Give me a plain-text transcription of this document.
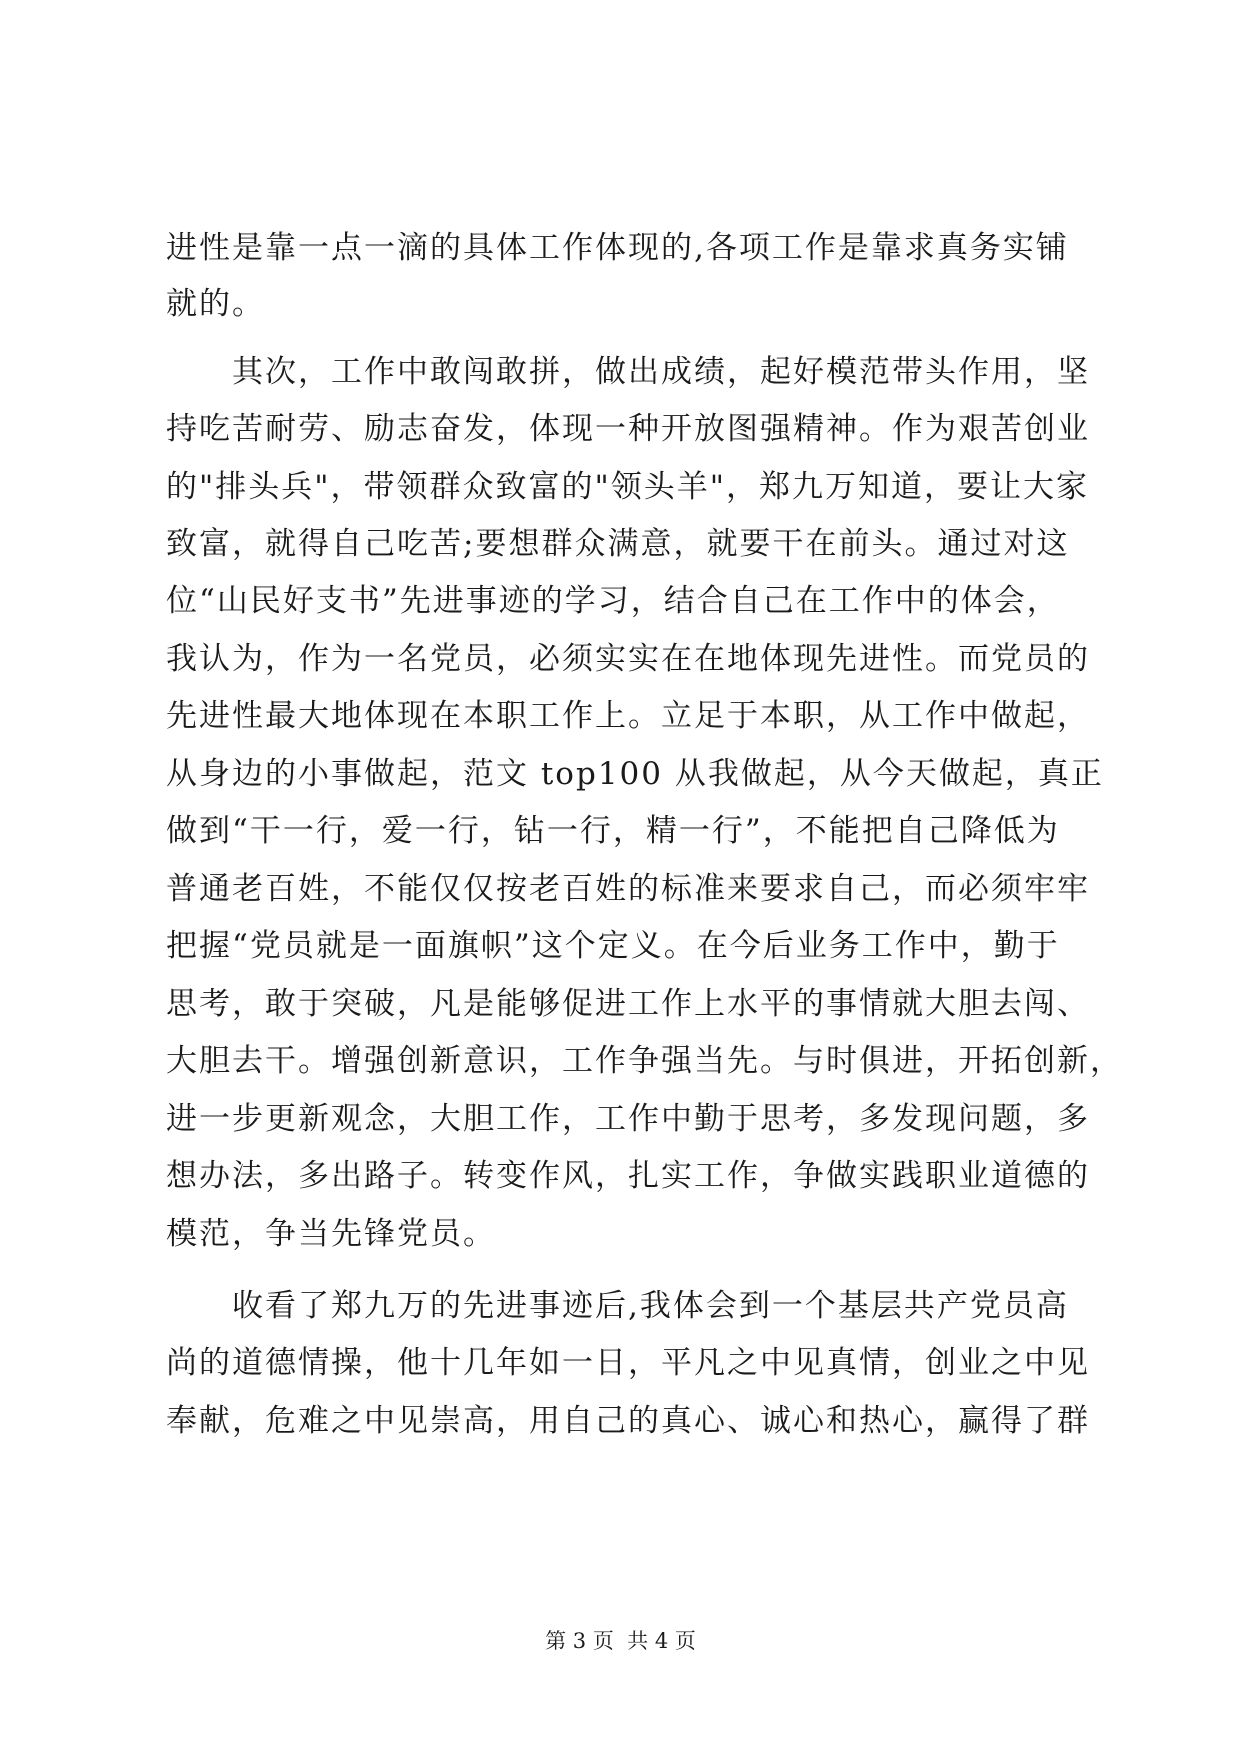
进性是靠一点一滴的具体工作体现的,各项工作是靠求真务实铺
就的。
　　其次，工作中敢闯敢拼，做出成绩，起好模范带头作用，坚
持吃苦耐劳、励志奋发，体现一种开放图强精神。作为艰苦创业
的"排头兵"，带领群众致富的"领头羊"，郑九万知道，要让大家
致富，就得自己吃苦;要想群众满意，就要干在前头。通过对这
位“山民好支书”先进事迹的学习，结合自己在工作中的体会，
我认为，作为一名党员，必须实实在在地体现先进性。而党员的
先进性最大地体现在本职工作上。立足于本职，从工作中做起，
从身边的小事做起，范文 top100 从我做起，从今天做起，真正
做到“干一行，爱一行，钻一行，精一行”，不能把自己降低为
普通老百姓，不能仅仅按老百姓的标准来要求自己，而必须牢牢
把握“党员就是一面旗帜”这个定义。在今后业务工作中，勤于
思考，敢于突破，凡是能够促进工作上水平的事情就大胆去闯、
大胆去干。增强创新意识，工作争强当先。与时俱进，开拓创新，
进一步更新观念，大胆工作，工作中勤于思考，多发现问题，多
想办法，多出路子。转变作风，扎实工作，争做实践职业道德的
模范，争当先锋党员。
　　收看了郑九万的先进事迹后,我体会到一个基层共产党员高
尚的道德情操，他十几年如一日，平凡之中见真情，创业之中见
奉献，危难之中见崇高，用自己的真心、诚心和热心，赢得了群
第 3 页  共 4 页
